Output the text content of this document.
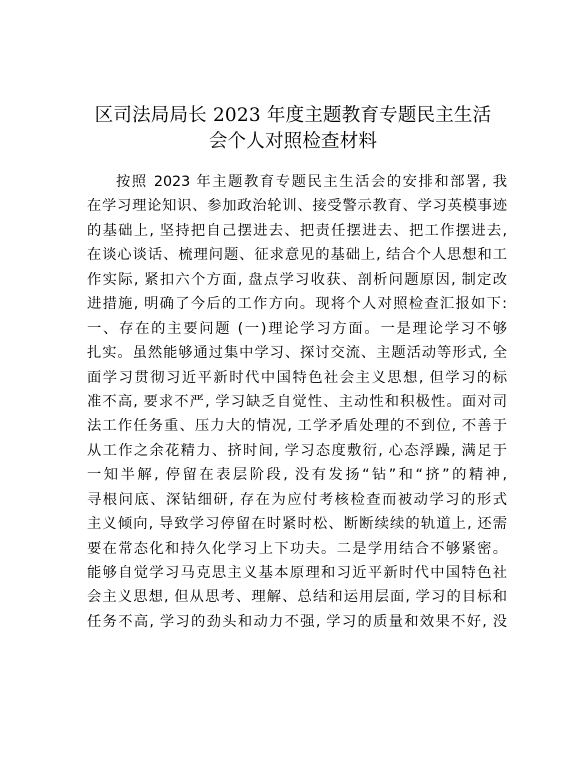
区司法局局长 2023 年度主题教育专题民主生活
会个人对照检查材料
按照 2023 年主题教育专题民主生活会的安排和部署, 我
在学习理论知识、参加政治轮训、接受警示教育、学习英模事迹
的基础上, 坚持把自己摆进去、把责任摆进去、把工作摆进去,
在谈心谈话、梳理问题、征求意见的基础上, 结合个人思想和工
作实际, 紧扣六个方面, 盘点学习收获、剖析问题原因, 制定改
进措施, 明确了今后的工作方向。现将个人对照检查汇报如下:
一、存在的主要问题 (一)理论学习方面。一是理论学习不够
扎实。虽然能够通过集中学习、探讨交流、主题活动等形式, 全
面学习贯彻习近平新时代中国特色社会主义思想, 但学习的标
准不高, 要求不严, 学习缺乏自觉性、主动性和积极性。面对司
法工作任务重、压力大的情况, 工学矛盾处理的不到位, 不善于
从工作之余花精力、挤时间, 学习态度敷衍, 心态浮躁, 满足于
一知半解, 停留在表层阶段, 没有发扬“钻”和“挤”的精神,
寻根问底、深钻细研, 存在为应付考核检查而被动学习的形式
主义倾向, 导致学习停留在时紧时松、断断续续的轨道上, 还需
要在常态化和持久化学习上下功夫。二是学用结合不够紧密。
能够自觉学习马克思主义基本原理和习近平新时代中国特色社
会主义思想, 但从思考、理解、总结和运用层面, 学习的目标和
任务不高, 学习的劲头和动力不强, 学习的质量和效果不好, 没
